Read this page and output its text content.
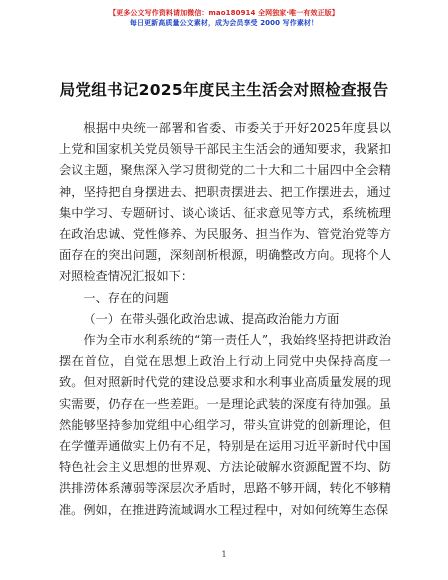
【更多公文写作资料请加微信：mao180914 全网独家·唯一有效正版】
每日更新高质量公文素材，成为会员享受 2000 写作素材！
局党组书记2025年度民主生活会对照检查报告

根据中央统一部署和省委、市委关于开好2025年度县以上党和国家机关党员领导干部民主生活会的通知要求，我紧扣会议主题，聚焦深入学习贯彻党的二十大和二十届四中全会精神，坚持把自身摆进去、把职责摆进去、把工作摆进去，通过集中学习、专题研讨、谈心谈话、征求意见等方式，系统梳理在政治忠诚、党性修养、为民服务、担当作为、管党治党等方面存在的突出问题，深刻剖析根源，明确整改方向。现将个人对照检查情况汇报如下：

一、存在的问题

（一）在带头强化政治忠诚、提高政治能力方面

作为全市水利系统的“第一责任人”，我始终坚持把讲政治摆在首位，自觉在思想上政治上行动上同党中央保持高度一致。但对照新时代党的建设总要求和水利事业高质量发展的现实需要，仍存在一些差距。一是理论武装的深度有待加强。虽然能够坚持参加党组中心组学习，带头宣讲党的创新理论，但在学懂弄通做实上仍有不足，特别是在运用习近平新时代中国特色社会主义思想的世界观、方法论破解水资源配置不均、防洪排涝体系薄弱等深层次矛盾时，思路不够开阔，转化不够精准。例如，在推进跨流域调水工程过程中，对如何统筹生态保

1
